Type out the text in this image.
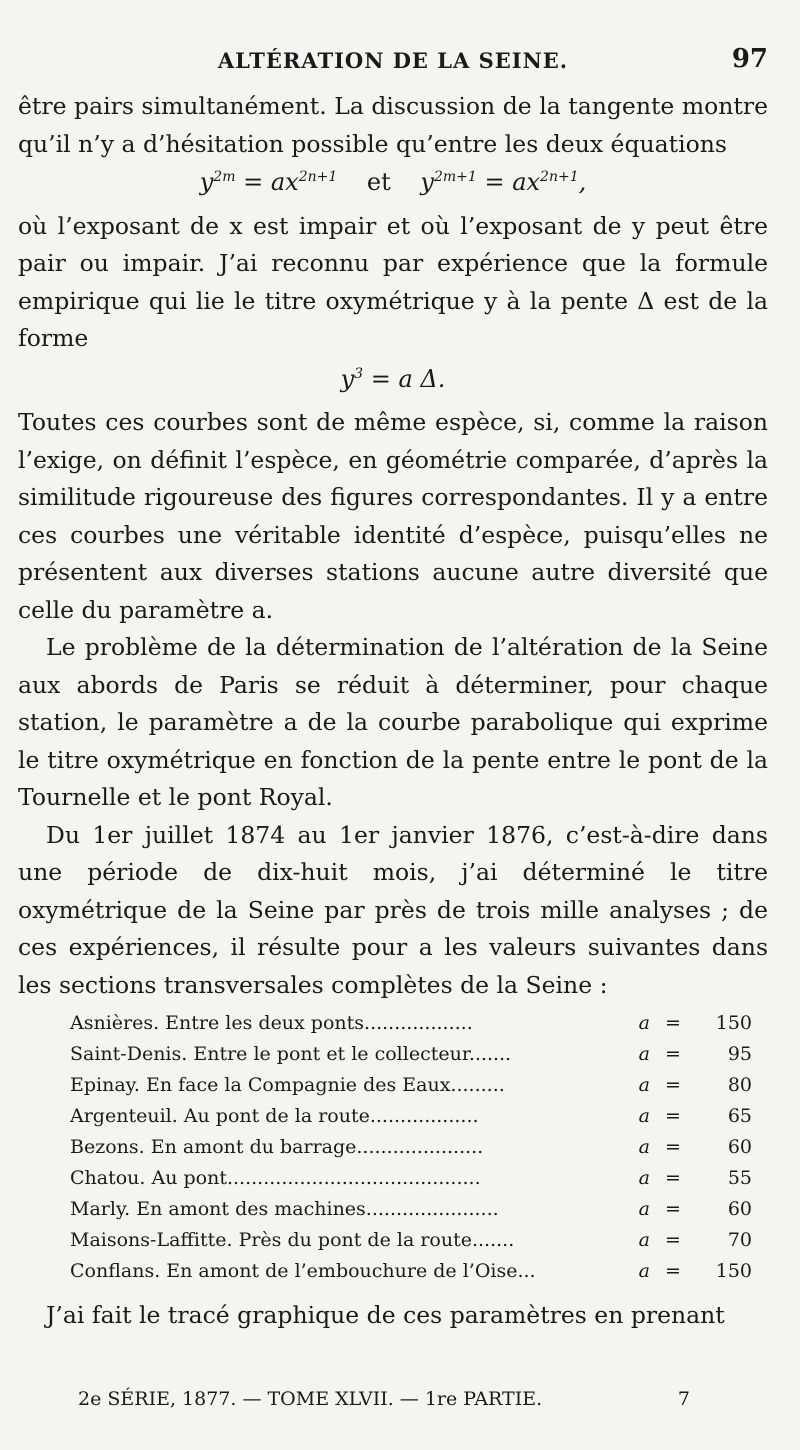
ALTÉRATION DE LA SEINE.	97

être pairs simultanément. La discussion de la tangente montre qu’il n’y a d’hésitation possible qu’entre les deux équations

$y^{2m} = ax^{2n+1}$ et $y^{2m+1} = ax^{2n+1}$,

où l’exposant de x est impair et où l’exposant de y peut être pair ou impair. J’ai reconnu par expérience que la formule empirique qui lie le titre oxymétrique y à la pente Δ est de la forme

$y^3 = a$ Δ.

Toutes ces courbes sont de même espèce, si, comme la raison l’exige, on définit l’espèce, en géométrie comparée, d’après la similitude rigoureuse des figures correspondantes. Il y a entre ces courbes une véritable identité d’espèce, puisqu’elles ne présentent aux diverses stations aucune autre diversité que celle du paramètre a.

Le problème de la détermination de l’altération de la Seine aux abords de Paris se réduit à déterminer, pour chaque station, le paramètre a de la courbe parabolique qui exprime le titre oxymétrique en fonction de la pente entre le pont de la Tournelle et le pont Royal.

Du 1er juillet 1874 au 1er janvier 1876, c’est-à-dire dans une période de dix-huit mois, j’ai déterminé le titre oxymétrique de la Seine par près de trois mille analyses ; de ces expériences, il résulte pour a les valeurs suivantes dans les sections transversales complètes de la Seine :

Asnières. Entre les deux ponts..................	a	=	150
Saint-Denis. Entre le pont et le collecteur.......	a	=	95
Epinay. En face la Compagnie des Eaux.........	a	=	80
Argenteuil. Au pont de la route..................	a	=	65
Bezons. En amont du barrage.....................	a	=	60
Chatou. Au pont..........................................	a	=	55
Marly. En amont des machines......................	a	=	60
Maisons-Laffitte. Près du pont de la route.......	a	=	70
Conflans. En amont de l’embouchure de l’Oise...	a	=	150

J’ai fait le tracé graphique de ces paramètres en prenant

2e SÉRIE, 1877. — TOME XLVII. — 1re PARTIE.	7
